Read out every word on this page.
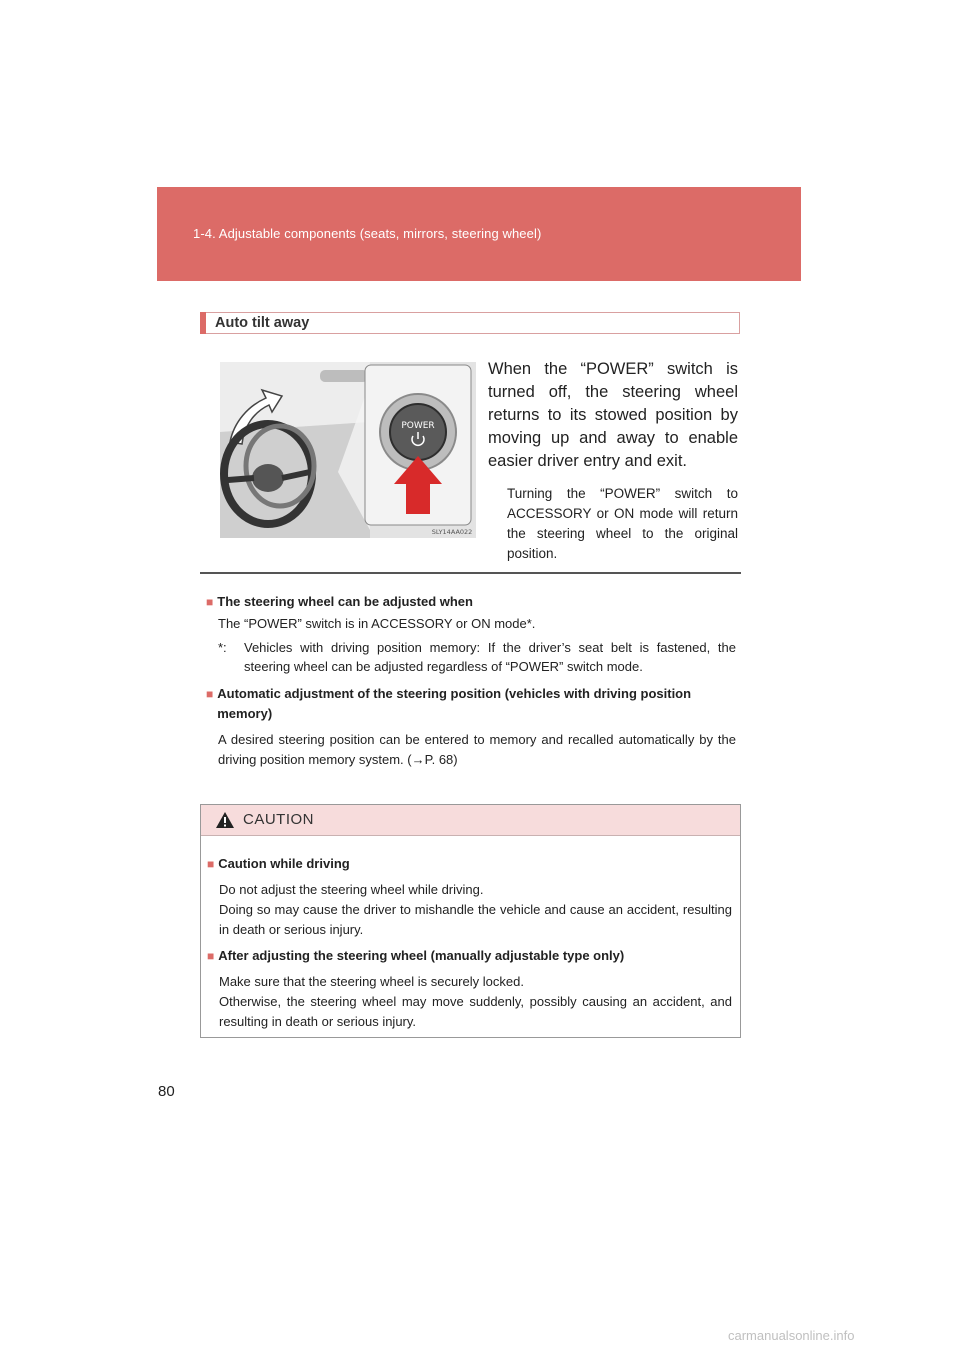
1-4. Adjustable components (seats, mirrors, steering wheel)
Auto tilt away
POWER
SLY14AA022
When the “POWER” switch is turned off, the steering wheel returns to its stowed position by moving up and away to enable easier driver entry and exit.
Turning the “POWER” switch to ACCESSORY or ON mode will return the steering wheel to the original position.
■ The steering wheel can be adjusted when
The “POWER” switch is in ACCESSORY or ON mode*.
*:	Vehicles with driving position memory: If the driver’s seat belt is fastened, the steering wheel can be adjusted regardless of “POWER” switch mode.
■ Automatic adjustment of the steering position (vehicles with driving position memory)
A desired steering position can be entered to memory and recalled automatically by the driving position memory system. (→P. 68)
CAUTION
■ Caution while driving
Do not adjust the steering wheel while driving.
Doing so may cause the driver to mishandle the vehicle and cause an accident, resulting in death or serious injury.
■ After adjusting the steering wheel (manually adjustable type only)
Make sure that the steering wheel is securely locked.
Otherwise, the steering wheel may move suddenly, possibly causing an accident, and resulting in death or serious injury.
80
carmanualsonline.info
